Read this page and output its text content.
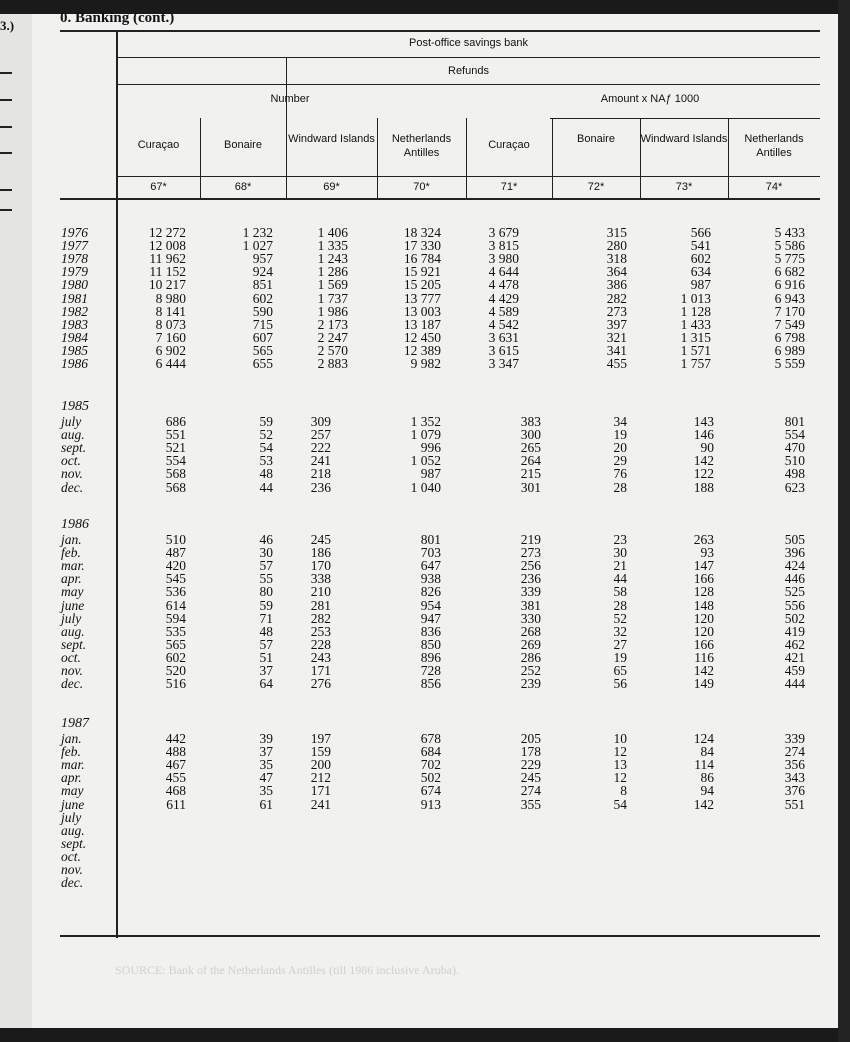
3.)	0. Banking (cont.)
Post-office savings bank
Refunds
Number	Amount x NAƒ 1000
Curaçao
67*
Bonaire
68*
Windward Islands
69*
Netherlands Antilles
70*
Curaçao
71*
Bonaire
72*
Windward Islands
73*
Netherlands Antilles
74*
1976	12 272	1 232	1 406	18 324	3 679	315	566	5 433
1977	12 008	1 027	1 335	17 330	3 815	280	541	5 586
1978	11 962	957	1 243	16 784	3 980	318	602	5 775
1979	11 152	924	1 286	15 921	4 644	364	634	6 682
1980	10 217	851	1 569	15 205	4 478	386	987	6 916
1981	8 980	602	1 737	13 777	4 429	282	1 013	6 943
1982	8 141	590	1 986	13 003	4 589	273	1 128	7 170
1983	8 073	715	2 173	13 187	4 542	397	1 433	7 549
1984	7 160	607	2 247	12 450	3 631	321	1 315	6 798
1985	6 902	565	2 570	12 389	3 615	341	1 571	6 989
1986	6 444	655	2 883	9 982	3 347	455	1 757	5 559
1985
july	686	59	309	1 352	383	34	143	801
aug.	551	52	257	1 079	300	19	146	554
sept.	521	54	222	996	265	20	90	470
oct.	554	53	241	1 052	264	29	142	510
nov.	568	48	218	987	215	76	122	498
dec.	568	44	236	1 040	301	28	188	623
1986
jan.	510	46	245	801	219	23	263	505
feb.	487	30	186	703	273	30	93	396
mar.	420	57	170	647	256	21	147	424
apr.	545	55	338	938	236	44	166	446
may	536	80	210	826	339	58	128	525
june	614	59	281	954	381	28	148	556
july	594	71	282	947	330	52	120	502
aug.	535	48	253	836	268	32	120	419
sept.	565	57	228	850	269	27	166	462
oct.	602	51	243	896	286	19	116	421
nov.	520	37	171	728	252	65	142	459
dec.	516	64	276	856	239	56	149	444
1987
jan.	442	39	197	678	205	10	124	339
feb.	488	37	159	684	178	12	84	274
mar.	467	35	200	702	229	13	114	356
apr.	455	47	212	502	245	12	86	343
may	468	35	171	674	274	8	94	376
june	611	61	241	913	355	54	142	551
july
aug.
sept.
oct.
nov.
dec.
SOURCE: Bank of the Netherlands Antilles (till 1986 inclusive Aruba).
